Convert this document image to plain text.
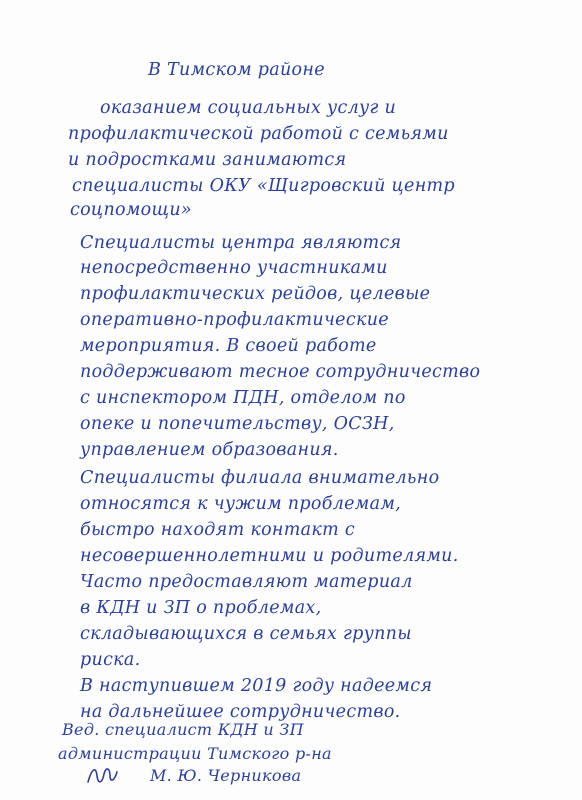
В Тимском районе
оказанием социальных услуг и
профилактической работой с семьями
и подростками занимаются
специалисты ОКУ «Щигровский центр
соцпомощи»
Специалисты центра являются
непосредственно участниками
профилактических рейдов, целевые
оперативно-профилактические
мероприятия. В своей работе
поддерживают тесное сотрудничество
с инспектором ПДН, отделом по
опеке и попечительству, ОСЗН,
управлением образования.
Специалисты филиала внимательно
относятся к чужим проблемам,
быстро находят контакт с
несовершеннолетними и родителями.
Часто предоставляют материал
в КДН и ЗП о проблемах,
складывающихся в семьях группы
риска.
В наступившем 2019 году надеемся
на дальнейшее сотрудничество.
Вед. специалист КДН и ЗП
администрации Тимского р-на
М. Ю. Черникова
